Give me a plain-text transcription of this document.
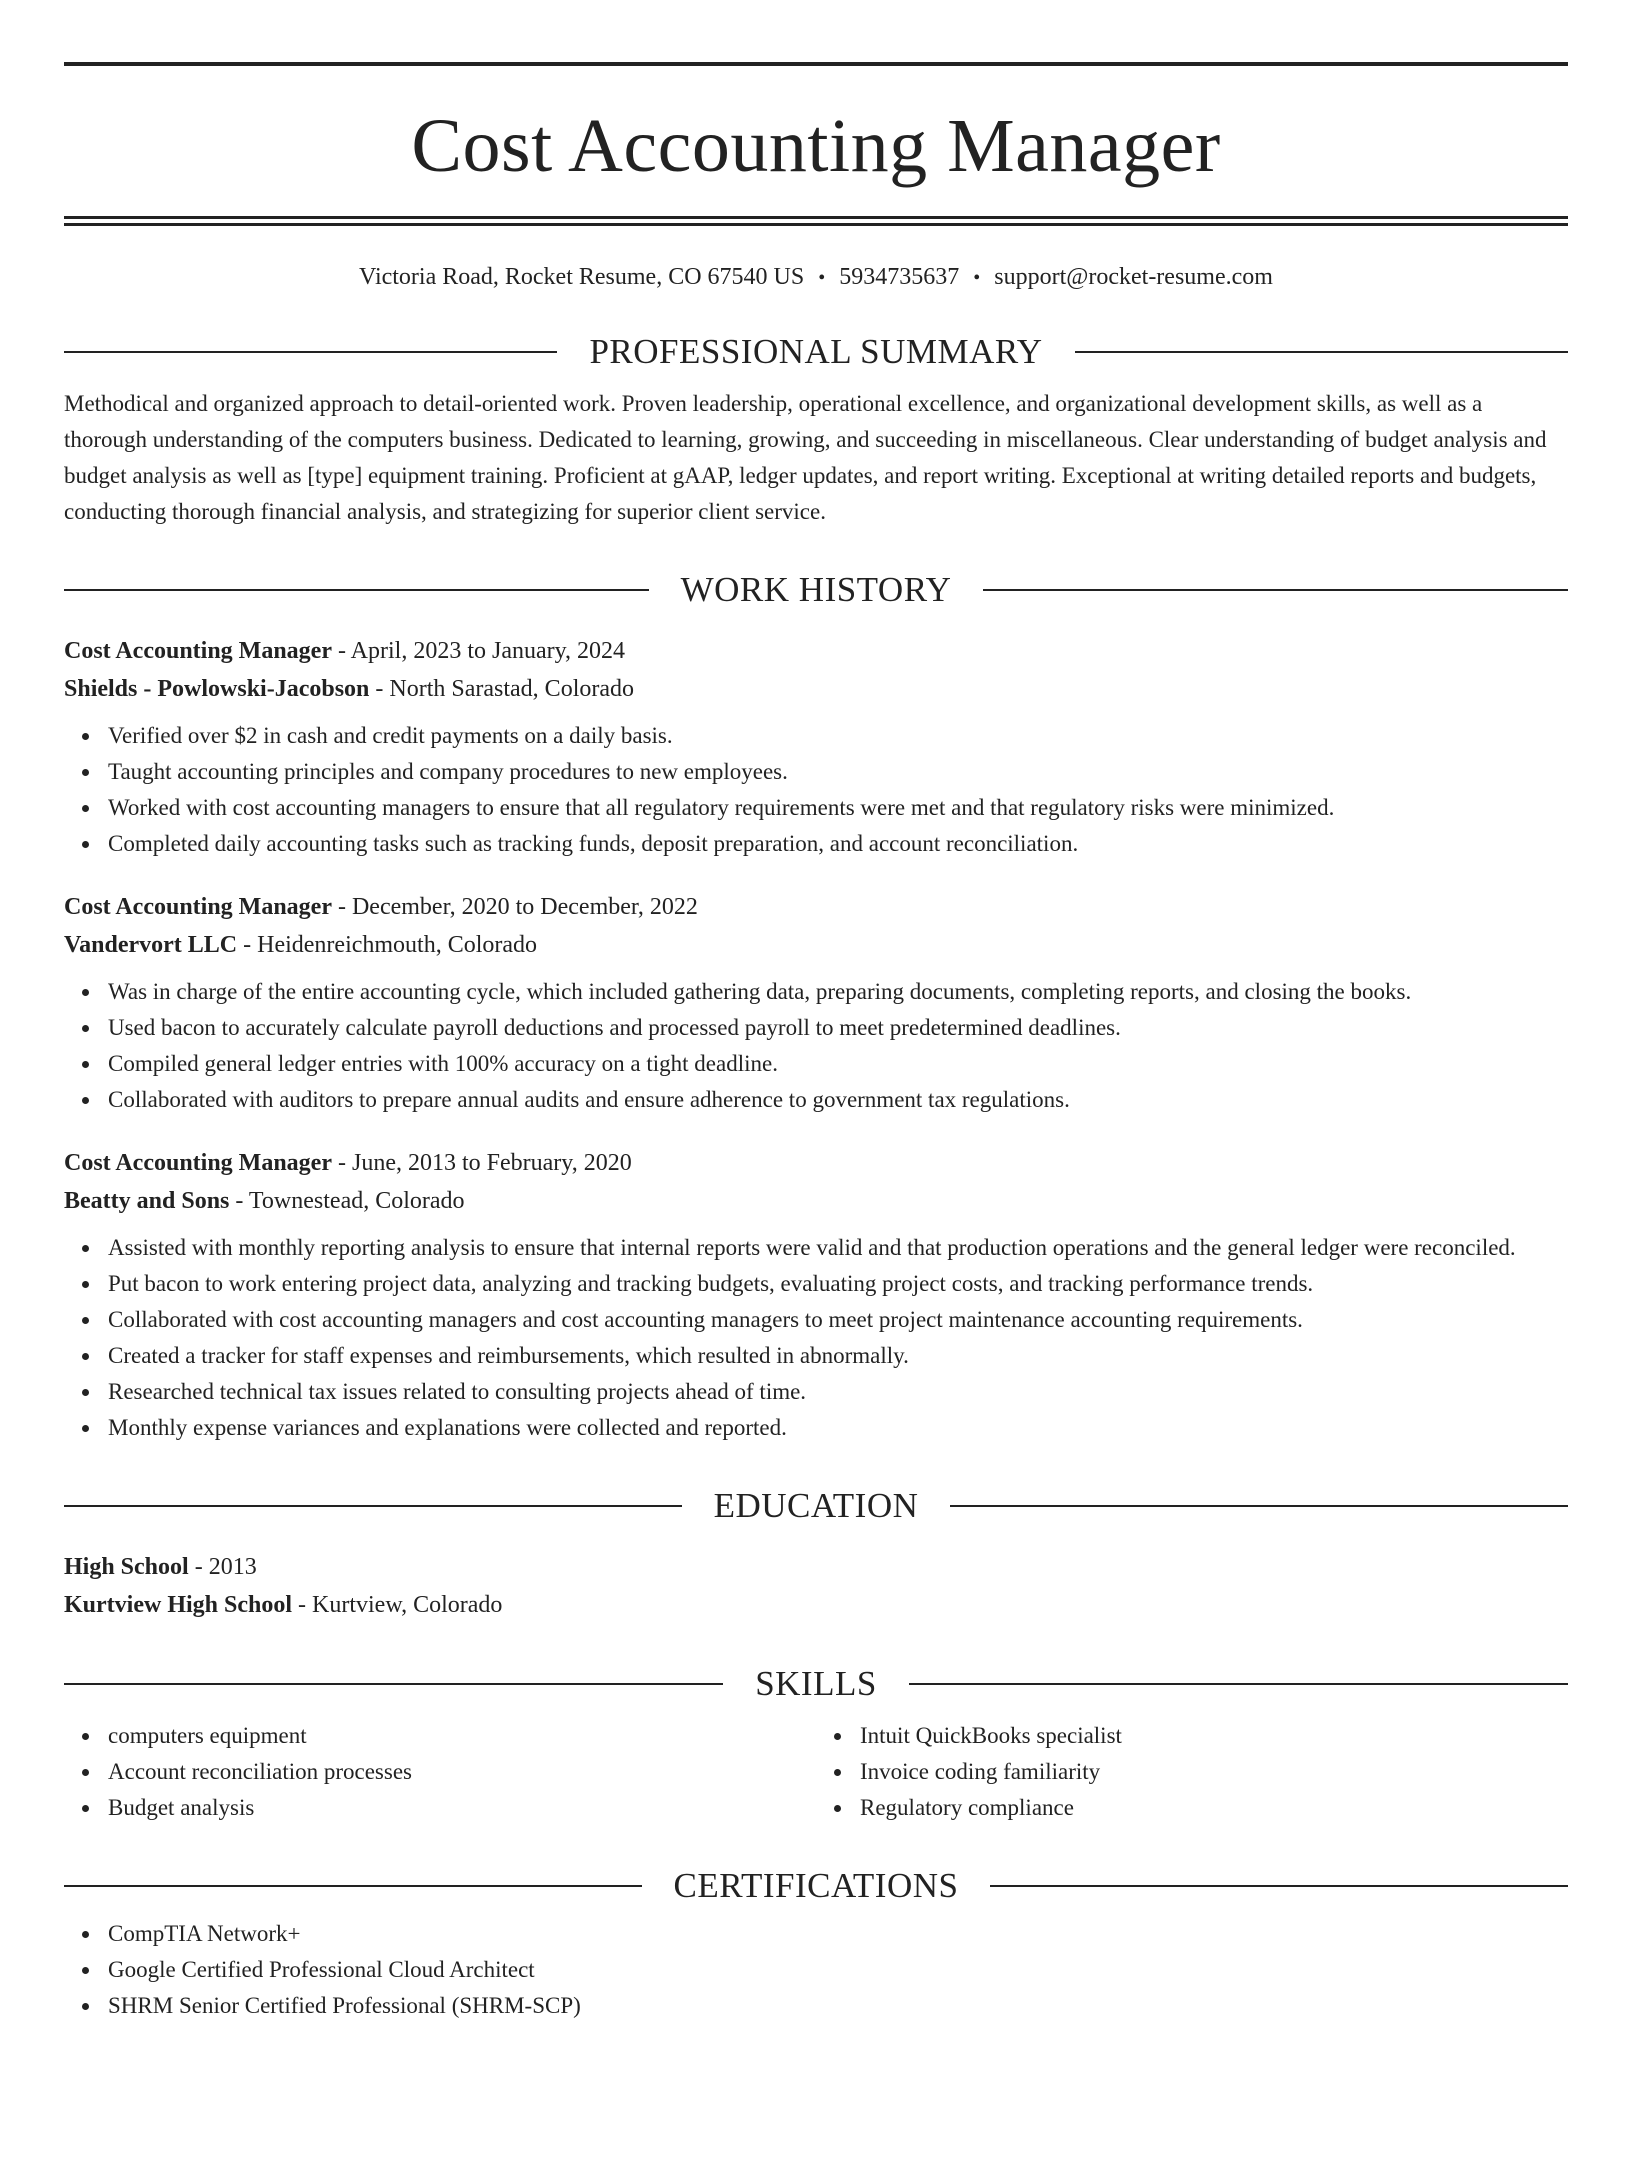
Cost Accounting Manager
Victoria Road, Rocket Resume, CO 67540 US • 5934735637 • support@rocket-resume.com
PROFESSIONAL SUMMARY
Methodical and organized approach to detail-oriented work. Proven leadership, operational excellence, and organizational development skills, as well as a thorough understanding of the computers business. Dedicated to learning, growing, and succeeding in miscellaneous. Clear understanding of budget analysis and budget analysis as well as [type] equipment training. Proficient at gAAP, ledger updates, and report writing. Exceptional at writing detailed reports and budgets, conducting thorough financial analysis, and strategizing for superior client service.
WORK HISTORY
Cost Accounting Manager - April, 2023 to January, 2024
Shields - Powlowski-Jacobson - North Sarastad, Colorado
Verified over $2 in cash and credit payments on a daily basis.
Taught accounting principles and company procedures to new employees.
Worked with cost accounting managers to ensure that all regulatory requirements were met and that regulatory risks were minimized.
Completed daily accounting tasks such as tracking funds, deposit preparation, and account reconciliation.
Cost Accounting Manager - December, 2020 to December, 2022
Vandervort LLC - Heidenreichmouth, Colorado
Was in charge of the entire accounting cycle, which included gathering data, preparing documents, completing reports, and closing the books.
Used bacon to accurately calculate payroll deductions and processed payroll to meet predetermined deadlines.
Compiled general ledger entries with 100% accuracy on a tight deadline.
Collaborated with auditors to prepare annual audits and ensure adherence to government tax regulations.
Cost Accounting Manager - June, 2013 to February, 2020
Beatty and Sons - Townestead, Colorado
Assisted with monthly reporting analysis to ensure that internal reports were valid and that production operations and the general ledger were reconciled.
Put bacon to work entering project data, analyzing and tracking budgets, evaluating project costs, and tracking performance trends.
Collaborated with cost accounting managers and cost accounting managers to meet project maintenance accounting requirements.
Created a tracker for staff expenses and reimbursements, which resulted in abnormally.
Researched technical tax issues related to consulting projects ahead of time.
Monthly expense variances and explanations were collected and reported.
EDUCATION
High School - 2013
Kurtview High School - Kurtview, Colorado
SKILLS
computers equipment
Account reconciliation processes
Budget analysis
Intuit QuickBooks specialist
Invoice coding familiarity
Regulatory compliance
CERTIFICATIONS
CompTIA Network+
Google Certified Professional Cloud Architect
SHRM Senior Certified Professional (SHRM-SCP)
